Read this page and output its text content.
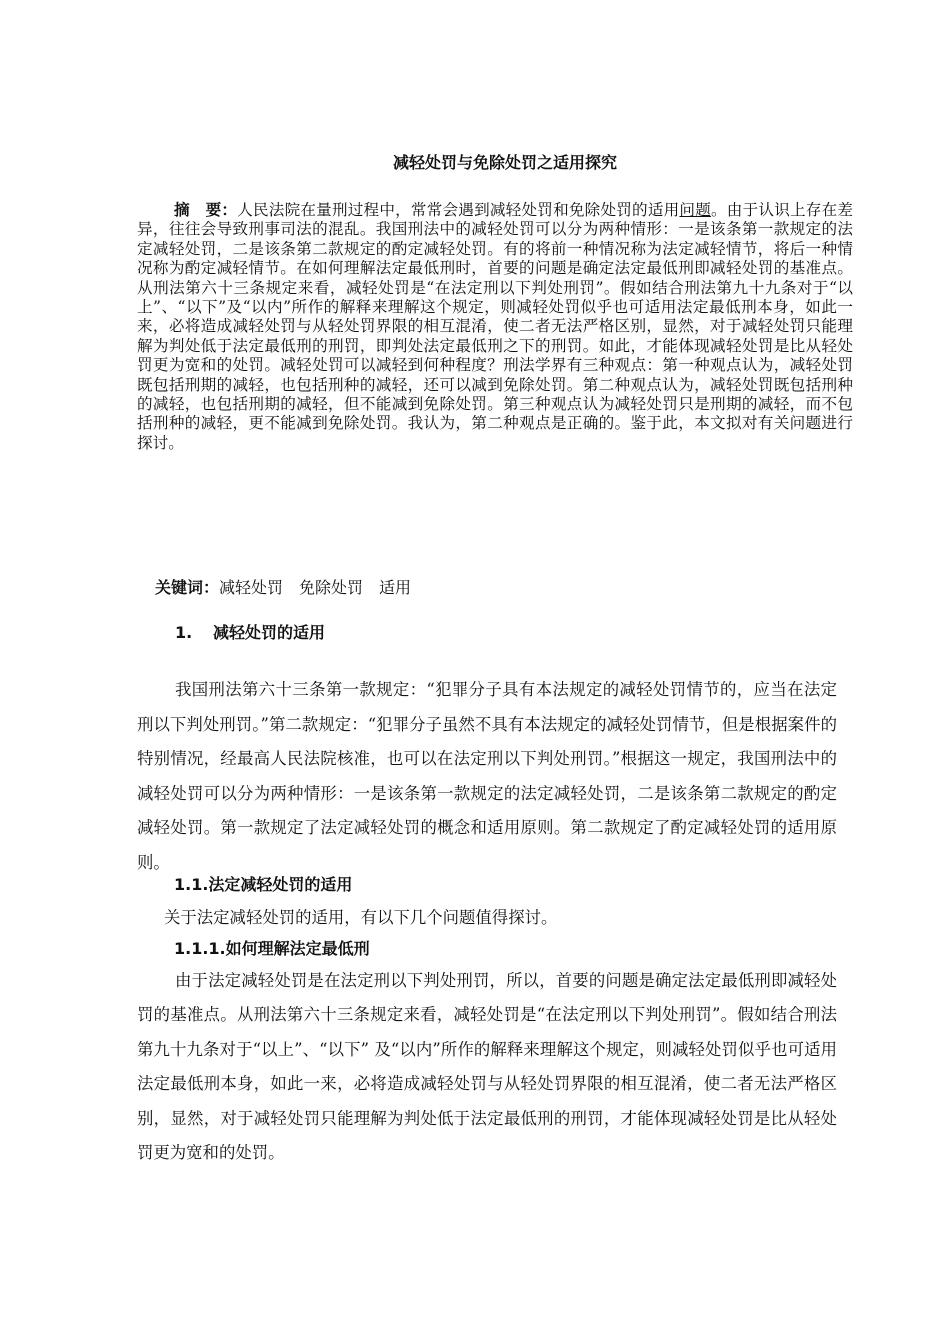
减轻处罚与免除处罚之适用探究
摘　要：人民法院在量刑过程中，常常会遇到减轻处罚和免除处罚的适用问题。由于认识上存在差异，往往会导致刑事司法的混乱。我国刑法中的减轻处罚可以分为两种情形：一是该条第一款规定的法定减轻处罚，二是该条第二款规定的酌定减轻处罚。有的将前一种情况称为法定减轻情节，将后一种情况称为酌定减轻情节。在如何理解法定最低刑时，首要的问题是确定法定最低刑即减轻处罚的基准点。从刑法第六十三条规定来看，减轻处罚是“在法定刑以下判处刑罚”。假如结合刑法第九十九条对于“以上”、“以下”及“以内”所作的解释来理解这个规定，则减轻处罚似乎也可适用法定最低刑本身，如此一来，必将造成减轻处罚与从轻处罚界限的相互混淆，使二者无法严格区别，显然，对于减轻处罚只能理解为判处低于法定最低刑的刑罚，即判处法定最低刑之下的刑罚。如此，才能体现减轻处罚是比从轻处罚更为宽和的处罚。减轻处罚可以减轻到何种程度？刑法学界有三种观点：第一种观点认为，减轻处罚既包括刑期的减轻，也包括刑种的减轻，还可以减到免除处罚。第二种观点认为，减轻处罚既包括刑种的减轻，也包括刑期的减轻，但不能减到免除处罚。第三种观点认为减轻处罚只是刑期的减轻，而不包括刑种的减轻，更不能减到免除处罚。我认为，第二种观点是正确的。鉴于此，本文拟对有关问题进行探讨。
关键词：减轻处罚　免除处罚　适用
1. 减轻处罚的适用
我国刑法第六十三条第一款规定：“犯罪分子具有本法规定的减轻处罚情节的，应当在法定刑以下判处刑罚。”第二款规定：“犯罪分子虽然不具有本法规定的减轻处罚情节，但是根据案件的特别情况，经最高人民法院核准，也可以在法定刑以下判处刑罚。”根据这一规定，我国刑法中的减轻处罚可以分为两种情形：一是该条第一款规定的法定减轻处罚，二是该条第二款规定的酌定减轻处罚。第一款规定了法定减轻处罚的概念和适用原则。第二款规定了酌定减轻处罚的适用原则。
1.1.法定减轻处罚的适用
关于法定减轻处罚的适用，有以下几个问题值得探讨。
1.1.1.如何理解法定最低刑
由于法定减轻处罚是在法定刑以下判处刑罚，所以，首要的问题是确定法定最低刑即减轻处罚的基准点。从刑法第六十三条规定来看，减轻处罚是“在法定刑以下判处刑罚”。假如结合刑法第九十九条对于“以上”、“以下” 及“以内”所作的解释来理解这个规定，则减轻处罚似乎也可适用法定最低刑本身，如此一来，必将造成减轻处罚与从轻处罚界限的相互混淆，使二者无法严格区别，显然，对于减轻处罚只能理解为判处低于法定最低刑的刑罚，才能体现减轻处罚是比从轻处罚更为宽和的处罚。
